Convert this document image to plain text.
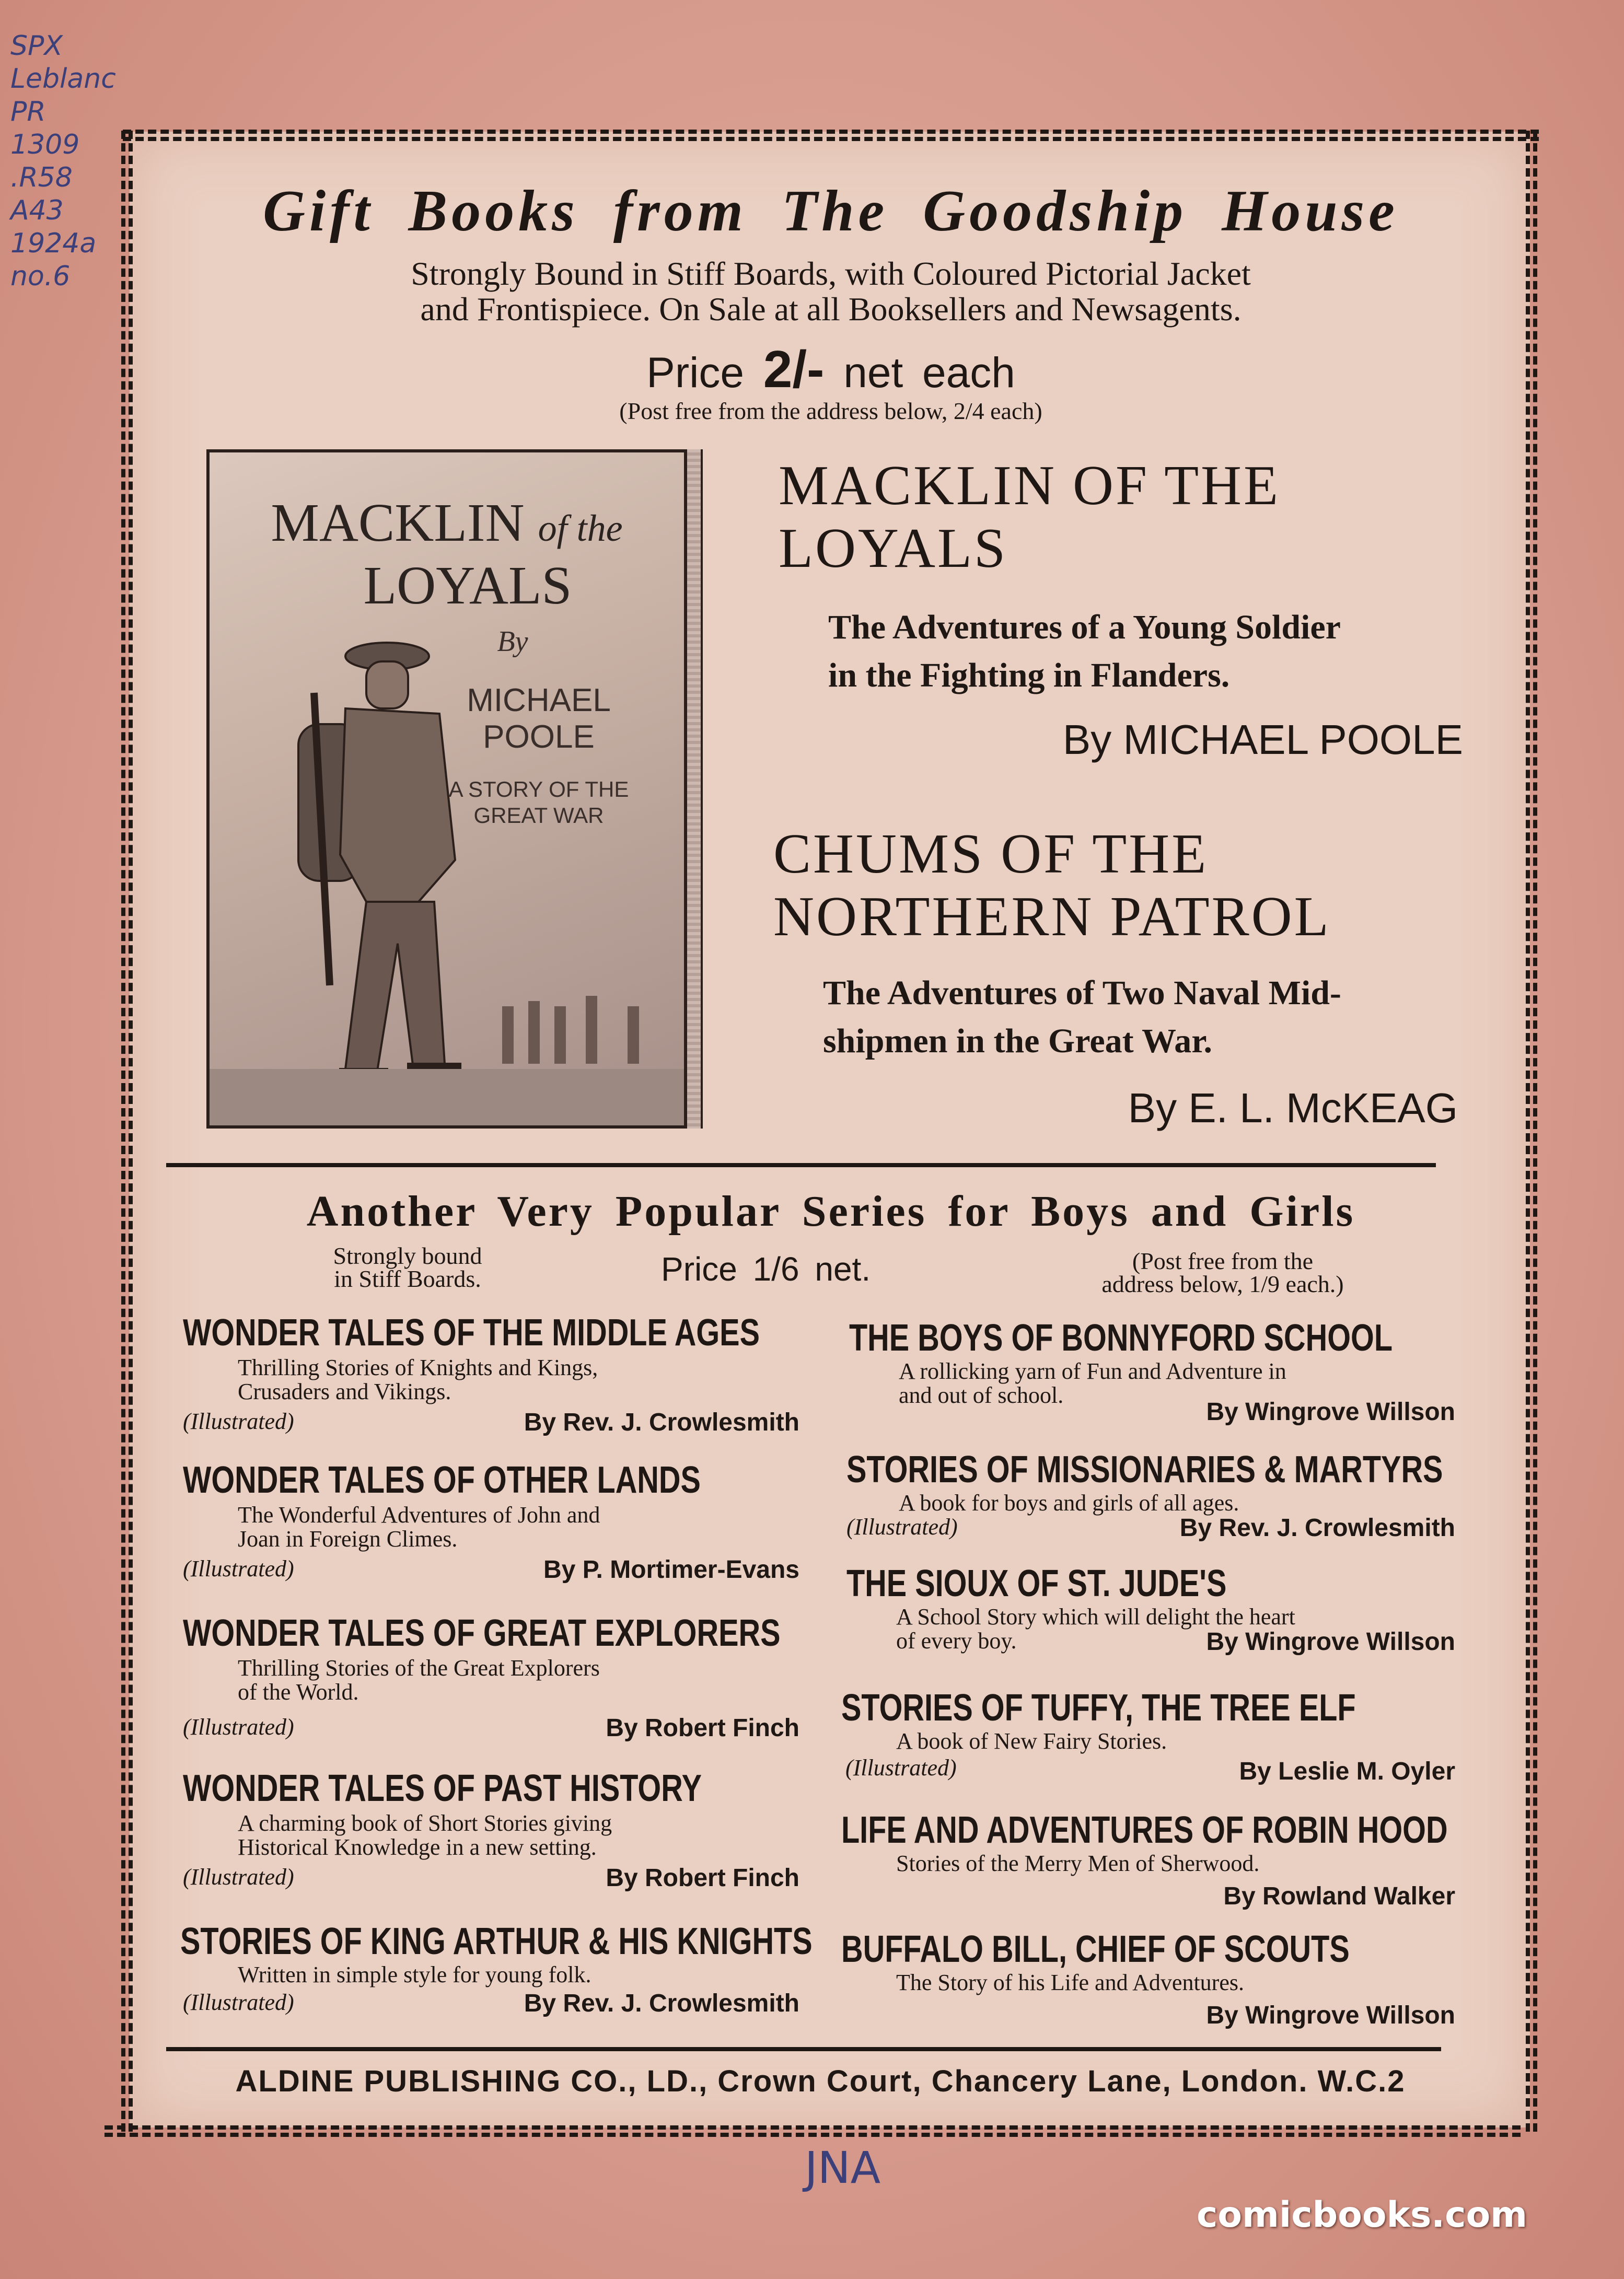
SPX
Leblanc
PR
1309
.R58
A43
1924a
no.6
Gift Books from The Goodship House
Strongly Bound in Stiff Boards, with Coloured Pictorial Jacket
and Frontispiece. On Sale at all Booksellers and Newsagents.
Price 2/- net each
(Post free from the address below, 2/4 each)
MACKLIN of the
LOYALS
By
MICHAEL
POOLE
A STORY OF THE
GREAT WAR
MACKLIN OF THE
LOYALS
The Adventures of a Young Soldier
in the Fighting in Flanders.
By MICHAEL POOLE
CHUMS OF THE
NORTHERN PATROL
The Adventures of Two Naval Mid-
shipmen in the Great War.
By E. L. McKEAG
Another Very Popular Series for Boys and Girls
Strongly bound
in Stiff Boards.	Price 1/6 net.	(Post free from the
address below, 1/9 each.)
WONDER TALES OF THE MIDDLE AGES
Thrilling Stories of Knights and Kings,
Crusaders and Vikings.
(Illustrated)	By Rev. J. Crowlesmith
WONDER TALES OF OTHER LANDS
The Wonderful Adventures of John and
Joan in Foreign Climes.
(Illustrated)	By P. Mortimer-Evans
WONDER TALES OF GREAT EXPLORERS
Thrilling Stories of the Great Explorers
of the World.
(Illustrated)	By Robert Finch
WONDER TALES OF PAST HISTORY
A charming book of Short Stories giving
Historical Knowledge in a new setting.
(Illustrated)	By Robert Finch
STORIES OF KING ARTHUR & HIS KNIGHTS
Written in simple style for young folk.
(Illustrated)	By Rev. J. Crowlesmith
THE BOYS OF BONNYFORD SCHOOL
A rollicking yarn of Fun and Adventure in
and out of school.
By Wingrove Willson
STORIES OF MISSIONARIES & MARTYRS
A book for boys and girls of all ages.
(Illustrated)	By Rev. J. Crowlesmith
THE SIOUX OF ST. JUDE'S
A School Story which will delight the heart
of every boy.	By Wingrove Willson
STORIES OF TUFFY, THE TREE ELF
A book of New Fairy Stories.
(Illustrated)	By Leslie M. Oyler
LIFE AND ADVENTURES OF ROBIN HOOD
Stories of the Merry Men of Sherwood.
By Rowland Walker
BUFFALO BILL, CHIEF OF SCOUTS
The Story of his Life and Adventures.
By Wingrove Willson
ALDINE PUBLISHING CO., LD., Crown Court, Chancery Lane, London. W.C.2
JNA
comicbooks.com
